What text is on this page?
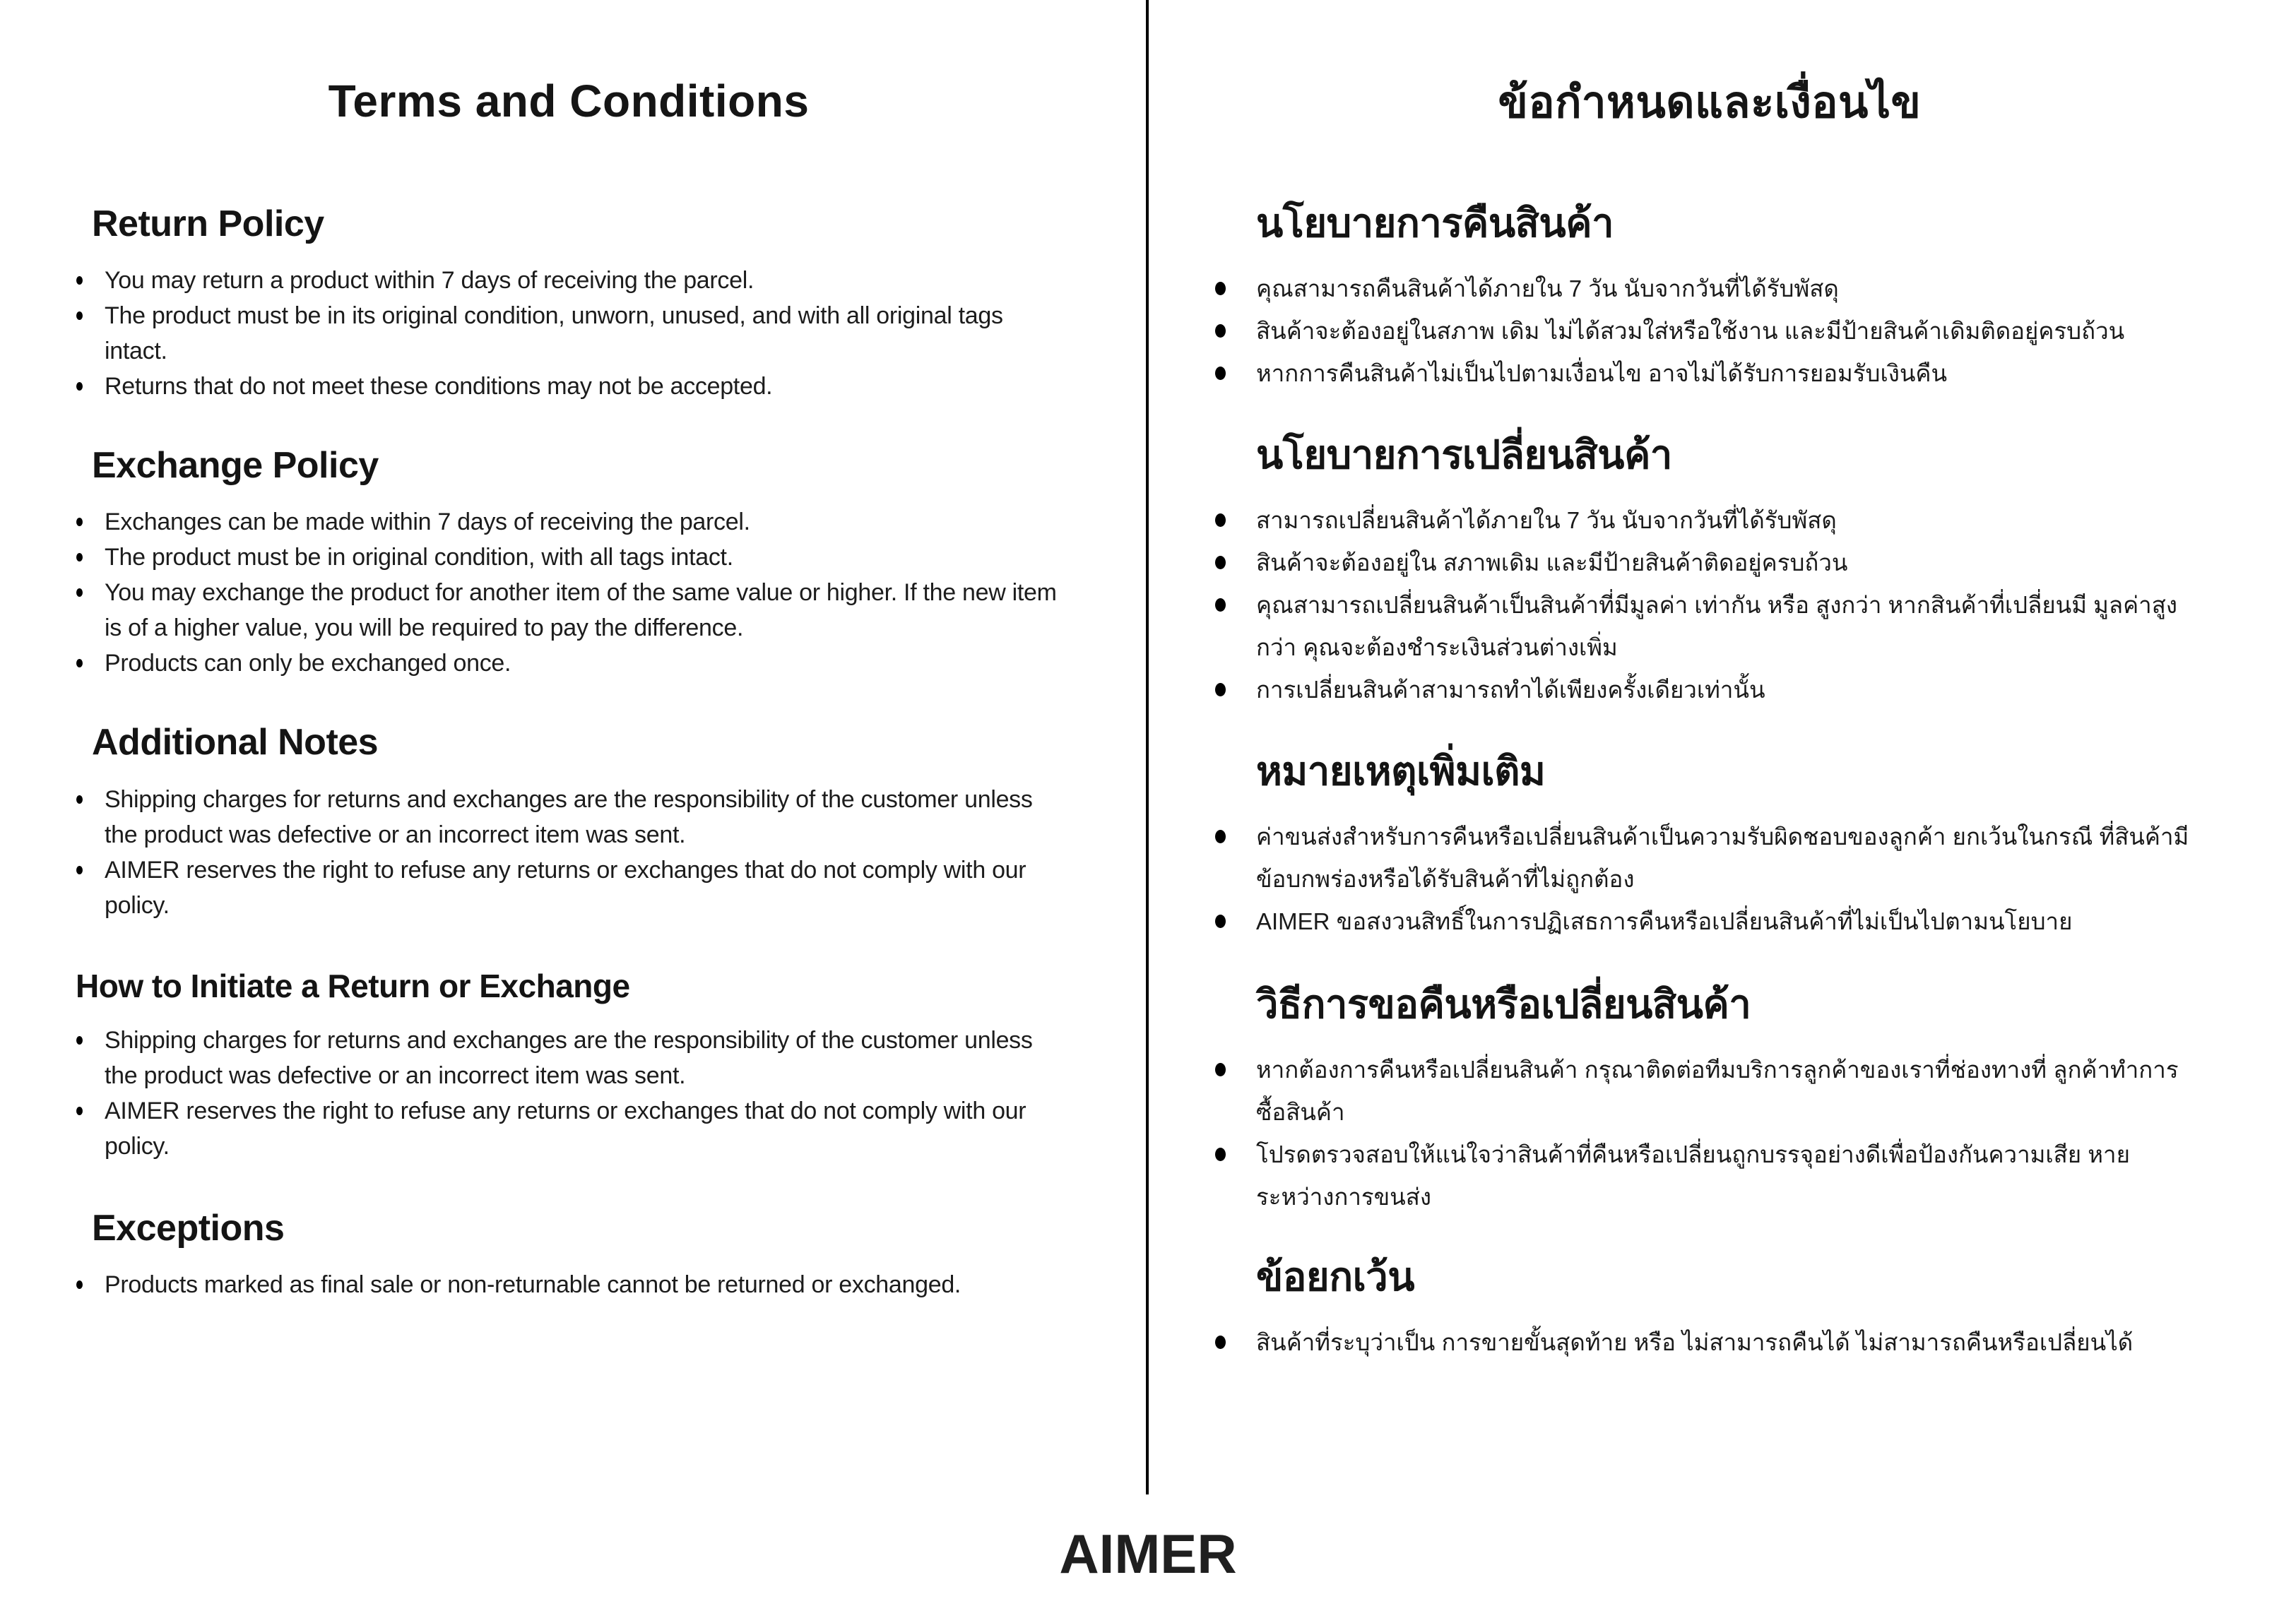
Terms and Conditions
Return Policy
You may return a product within 7 days of receiving the parcel.
The product must be in its original condition, unworn, unused, and with all original tags intact.
Returns that do not meet these conditions may not be accepted.
Exchange Policy
Exchanges can be made within 7 days of receiving the parcel.
The product must be in original condition, with all tags intact.
You may exchange the product for another item of the same value or higher. If the new item is of a higher value, you will be required to pay the difference.
Products can only be exchanged once.
Additional Notes
Shipping charges for returns and exchanges are the responsibility of the customer unless the product was defective or an incorrect item was sent.
AIMER reserves the right to refuse any returns or exchanges that do not comply with our policy.
How to Initiate a Return or Exchange
Shipping charges for returns and exchanges are the responsibility of the customer unless the product was defective or an incorrect item was sent.
AIMER reserves the right to refuse any returns or exchanges that do not comply with our policy.
Exceptions
Products marked as final sale or non-returnable cannot be returned or exchanged.
ข้อกำหนดและเงื่อนไข
นโยบายการคืนสินค้า
คุณสามารถคืนสินค้าได้ภายใน 7 วัน นับจากวันที่ได้รับพัสดุ
สินค้าจะต้องอยู่ในสภาพ เดิม ไม่ได้สวมใส่หรือใช้งาน และมีป้ายสินค้าเดิมติดอยู่ครบถ้วน
หากการคืนสินค้าไม่เป็นไปตามเงื่อนไข อาจไม่ได้รับการยอมรับเงินคืน
นโยบายการเปลี่ยนสินค้า
สามารถเปลี่ยนสินค้าได้ภายใน 7 วัน นับจากวันที่ได้รับพัสดุ
สินค้าจะต้องอยู่ใน สภาพเดิม และมีป้ายสินค้าติดอยู่ครบถ้วน
คุณสามารถเปลี่ยนสินค้าเป็นสินค้าที่มีมูลค่า เท่ากัน หรือ สูงกว่า หากสินค้าที่เปลี่ยนมี มูลค่าสูงกว่า คุณจะต้องชำระเงินส่วนต่างเพิ่ม
การเปลี่ยนสินค้าสามารถทำได้เพียงครั้งเดียวเท่านั้น
หมายเหตุเพิ่มเติม
ค่าขนส่งสำหรับการคืนหรือเปลี่ยนสินค้าเป็นความรับผิดชอบของลูกค้า ยกเว้นในกรณี ที่สินค้ามีข้อบกพร่องหรือได้รับสินค้าที่ไม่ถูกต้อง
AIMER ขอสงวนสิทธิ์ในการปฏิเสธการคืนหรือเปลี่ยนสินค้าที่ไม่เป็นไปตามนโยบาย
วิธีการขอคืนหรือเปลี่ยนสินค้า
หากต้องการคืนหรือเปลี่ยนสินค้า กรุณาติดต่อทีมบริการลูกค้าของเราที่ช่องทางที่ ลูกค้าทำการซื้อสินค้า
โปรดตรวจสอบให้แน่ใจว่าสินค้าที่คืนหรือเปลี่ยนถูกบรรจุอย่างดีเพื่อป้องกันความเสีย หายระหว่างการขนส่ง
ข้อยกเว้น
สินค้าที่ระบุว่าเป็น การขายขั้นสุดท้าย หรือ ไม่สามารถคืนได้ ไม่สามารถคืนหรือเปลี่ยนได้
AIMER
